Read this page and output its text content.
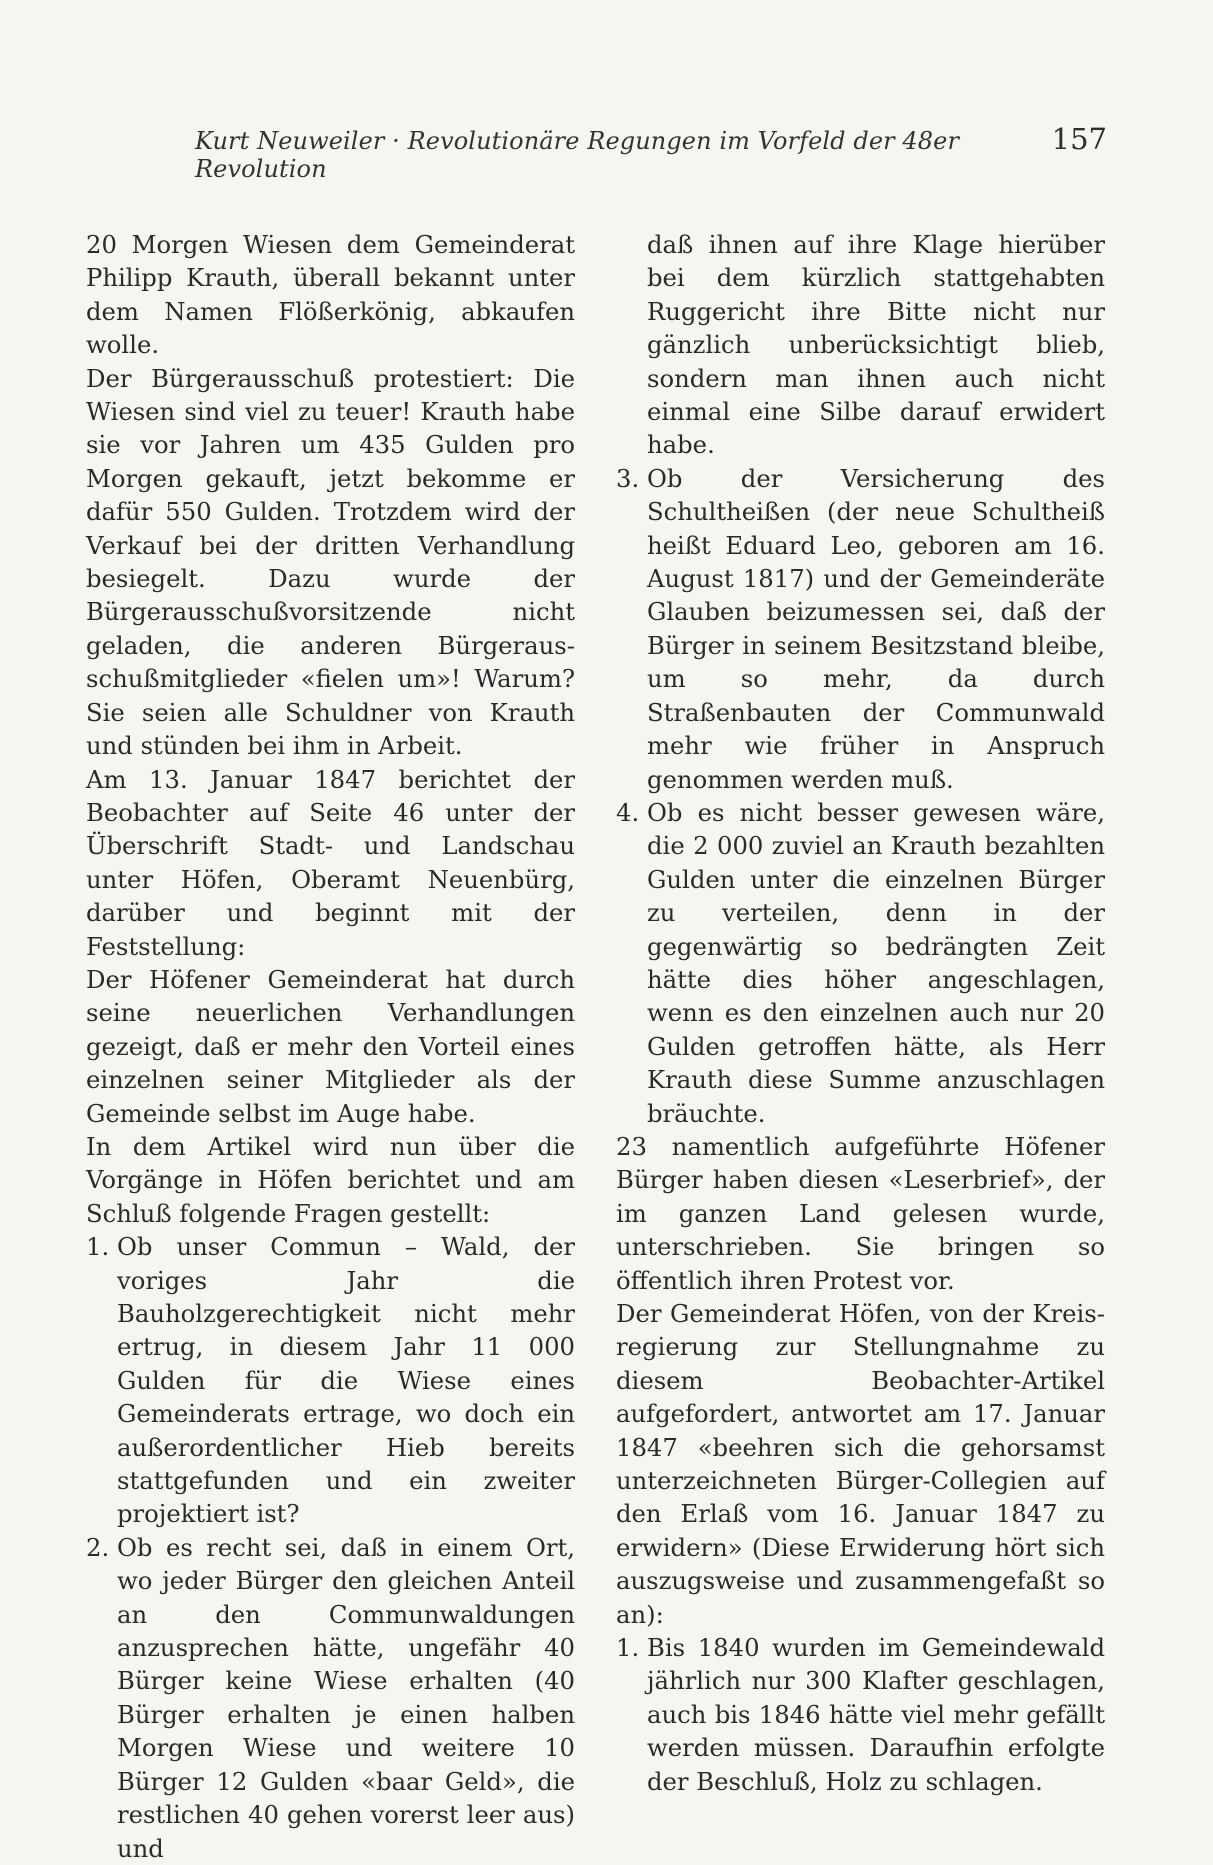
Kurt Neuweiler · Revolutionäre Regungen im Vorfeld der 48er Revolution
157

20 Morgen Wiesen dem Gemeinderat Philipp Krauth, überall bekannt unter dem Namen Flößerkönig, abkaufen wolle.

Der Bürgerausschuß protestiert: Die Wiesen sind viel zu teuer! Krauth habe sie vor Jahren um 435 Gulden pro Morgen gekauft, jetzt bekomme er dafür 550 Gulden. Trotzdem wird der Verkauf bei der dritten Verhandlung besiegelt. Dazu wurde der Bürgerausschußvorsitzende nicht geladen, die anderen Bürgerausschußmitglieder «fielen um»! Warum? Sie seien alle Schuldner von Krauth und stünden bei ihm in Arbeit.

Am 13. Januar 1847 berichtet der Beobachter auf Seite 46 unter der Überschrift Stadt- und Landschau unter Höfen, Oberamt Neuenbürg, darüber und beginnt mit der Feststellung:

Der Höfener Gemeinderat hat durch seine neuerlichen Verhandlungen gezeigt, daß er mehr den Vorteil eines einzelnen seiner Mitglieder als der Gemeinde selbst im Auge habe.

In dem Artikel wird nun über die Vorgänge in Höfen berichtet und am Schluß folgende Fragen gestellt:

1. Ob unser Commun – Wald, der voriges Jahr die Bauholzgerechtigkeit nicht mehr ertrug, in diesem Jahr 11 000 Gulden für die Wiese eines Gemeinderats ertrage, wo doch ein außerordentlicher Hieb bereits stattgefunden und ein zweiter projektiert ist?
2. Ob es recht sei, daß in einem Ort, wo jeder Bürger den gleichen Anteil an den Communwaldungen anzusprechen hätte, ungefähr 40 Bürger keine Wiese erhalten (40 Bürger erhalten je einen halben Morgen Wiese und weitere 10 Bürger 12 Gulden «baar Geld», die restlichen 40 gehen vorerst leer aus) und

daß ihnen auf ihre Klage hierüber bei dem kürzlich stattgehabten Ruggericht ihre Bitte nicht nur gänzlich unberücksichtigt blieb, sondern man ihnen auch nicht einmal eine Silbe darauf erwidert habe.

3. Ob der Versicherung des Schultheißen (der neue Schultheiß heißt Eduard Leo, geboren am 16. August 1817) und der Gemeinderäte Glauben beizumessen sei, daß der Bürger in seinem Besitzstand bleibe, um so mehr, da durch Straßenbauten der Communwald mehr wie früher in Anspruch genommen werden muß.
4. Ob es nicht besser gewesen wäre, die 2 000 zuviel an Krauth bezahlten Gulden unter die einzelnen Bürger zu verteilen, denn in der gegenwärtig so bedrängten Zeit hätte dies höher angeschlagen, wenn es den einzelnen auch nur 20 Gulden getroffen hätte, als Herr Krauth diese Summe anzuschlagen bräuchte.

23 namentlich aufgeführte Höfener Bürger haben diesen «Leserbrief», der im ganzen Land gelesen wurde, unterschrieben. Sie bringen so öffentlich ihren Protest vor.

Der Gemeinderat Höfen, von der Kreisregierung zur Stellungnahme zu diesem Beobachter-Artikel aufgefordert, antwortet am 17. Januar 1847 «beehren sich die gehorsamst unterzeichneten Bürger-Collegien auf den Erlaß vom 16. Januar 1847 zu erwidern» (Diese Erwiderung hört sich auszugsweise und zusammengefaßt so an):

1. Bis 1840 wurden im Gemeindewald jährlich nur 300 Klafter geschlagen, auch bis 1846 hätte viel mehr gefällt werden müssen. Daraufhin erfolgte der Beschluß, Holz zu schlagen.
